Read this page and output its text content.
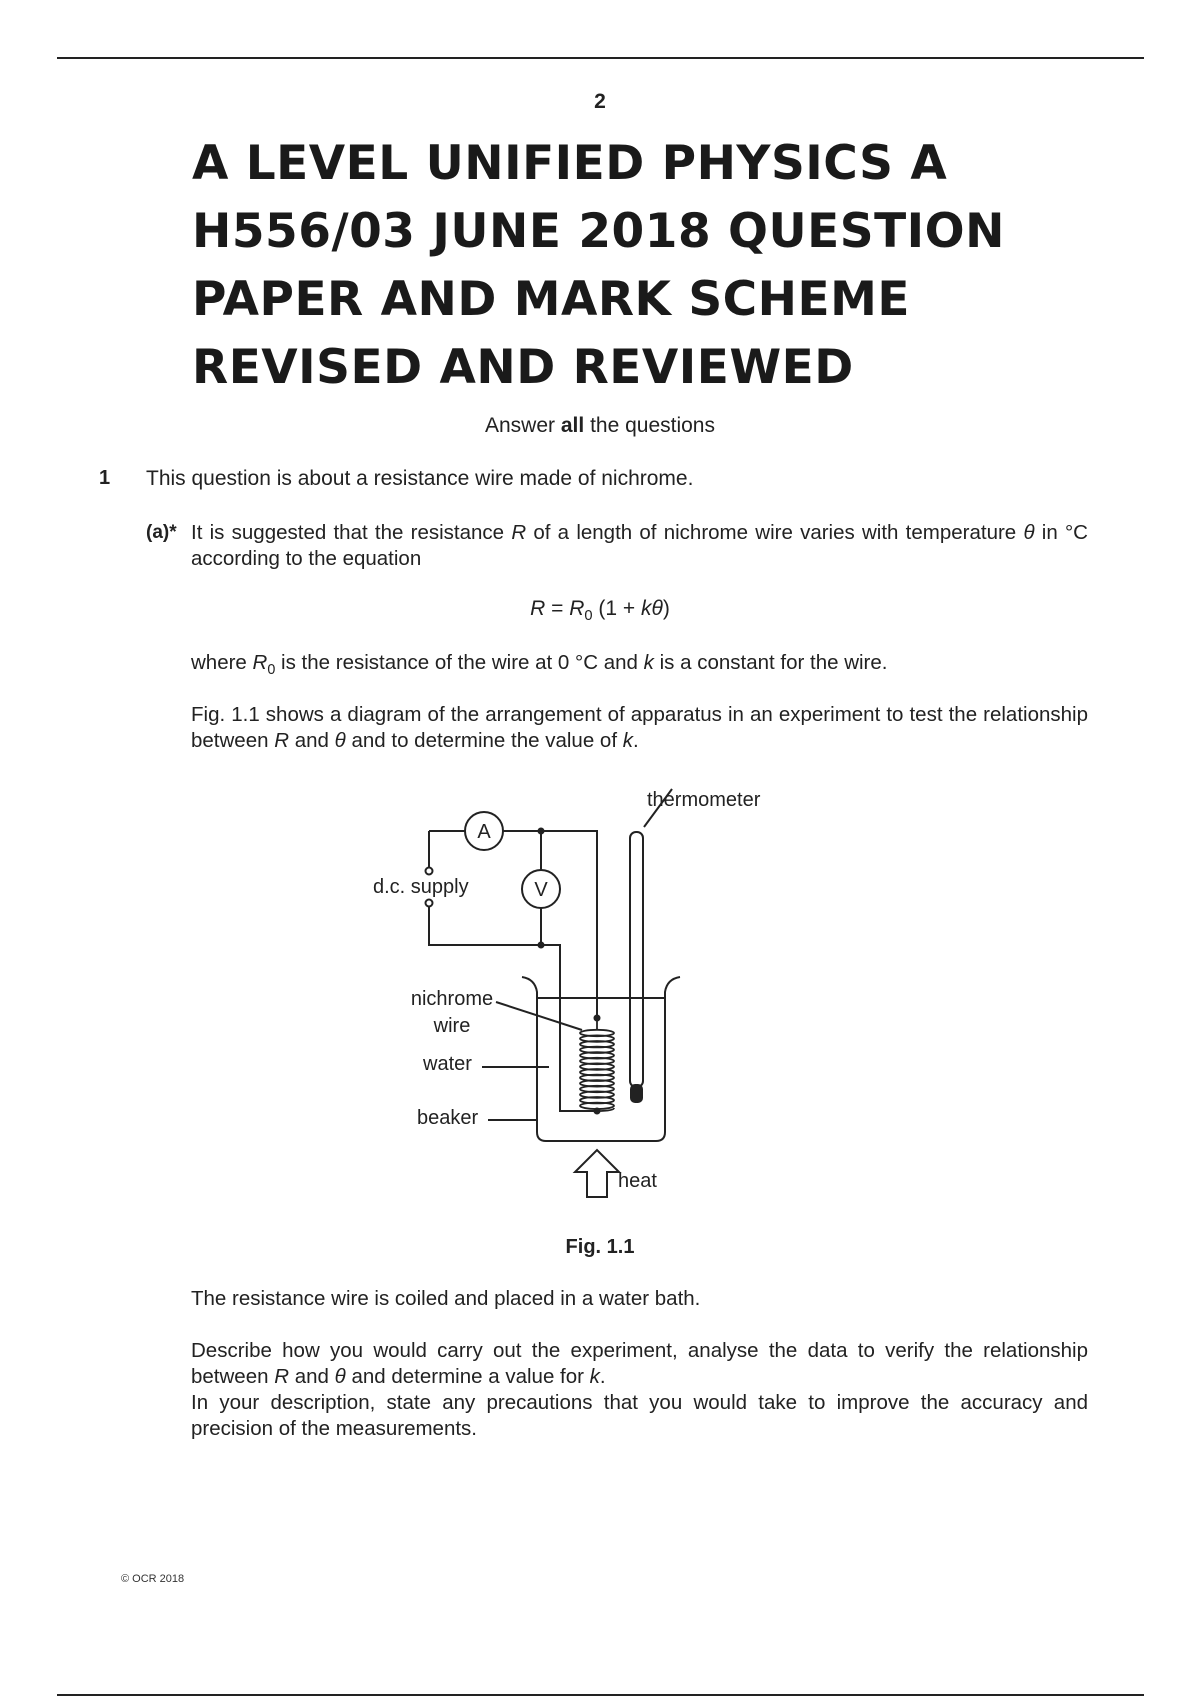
2
A LEVEL UNIFIED PHYSICS A
H556/03 JUNE 2018 QUESTION
PAPER AND MARK SCHEME
REVISED AND REVIEWED
Answer all the questions
1 This question is about a resistance wire made of nichrome.
(a)* It is suggested that the resistance R of a length of nichrome wire varies with temperature θ in °C according to the equation
$R = R_0$ (1 + kθ)
where $R_0$ is the resistance of the wire at 0 °C and k is a constant for the wire.
Fig. 1.1 shows a diagram of the arrangement of apparatus in an experiment to test the relationship between R and θ and to determine the value of k.
A
V
thermometer
d.c. supply
nichrome
wire
water
beaker
heat
Fig. 1.1
The resistance wire is coiled and placed in a water bath.
Describe how you would carry out the experiment, analyse the data to verify the relationship between R and θ and determine a value for k.
In your description, state any precautions that you would take to improve the accuracy and precision of the measurements.
© OCR 2018
